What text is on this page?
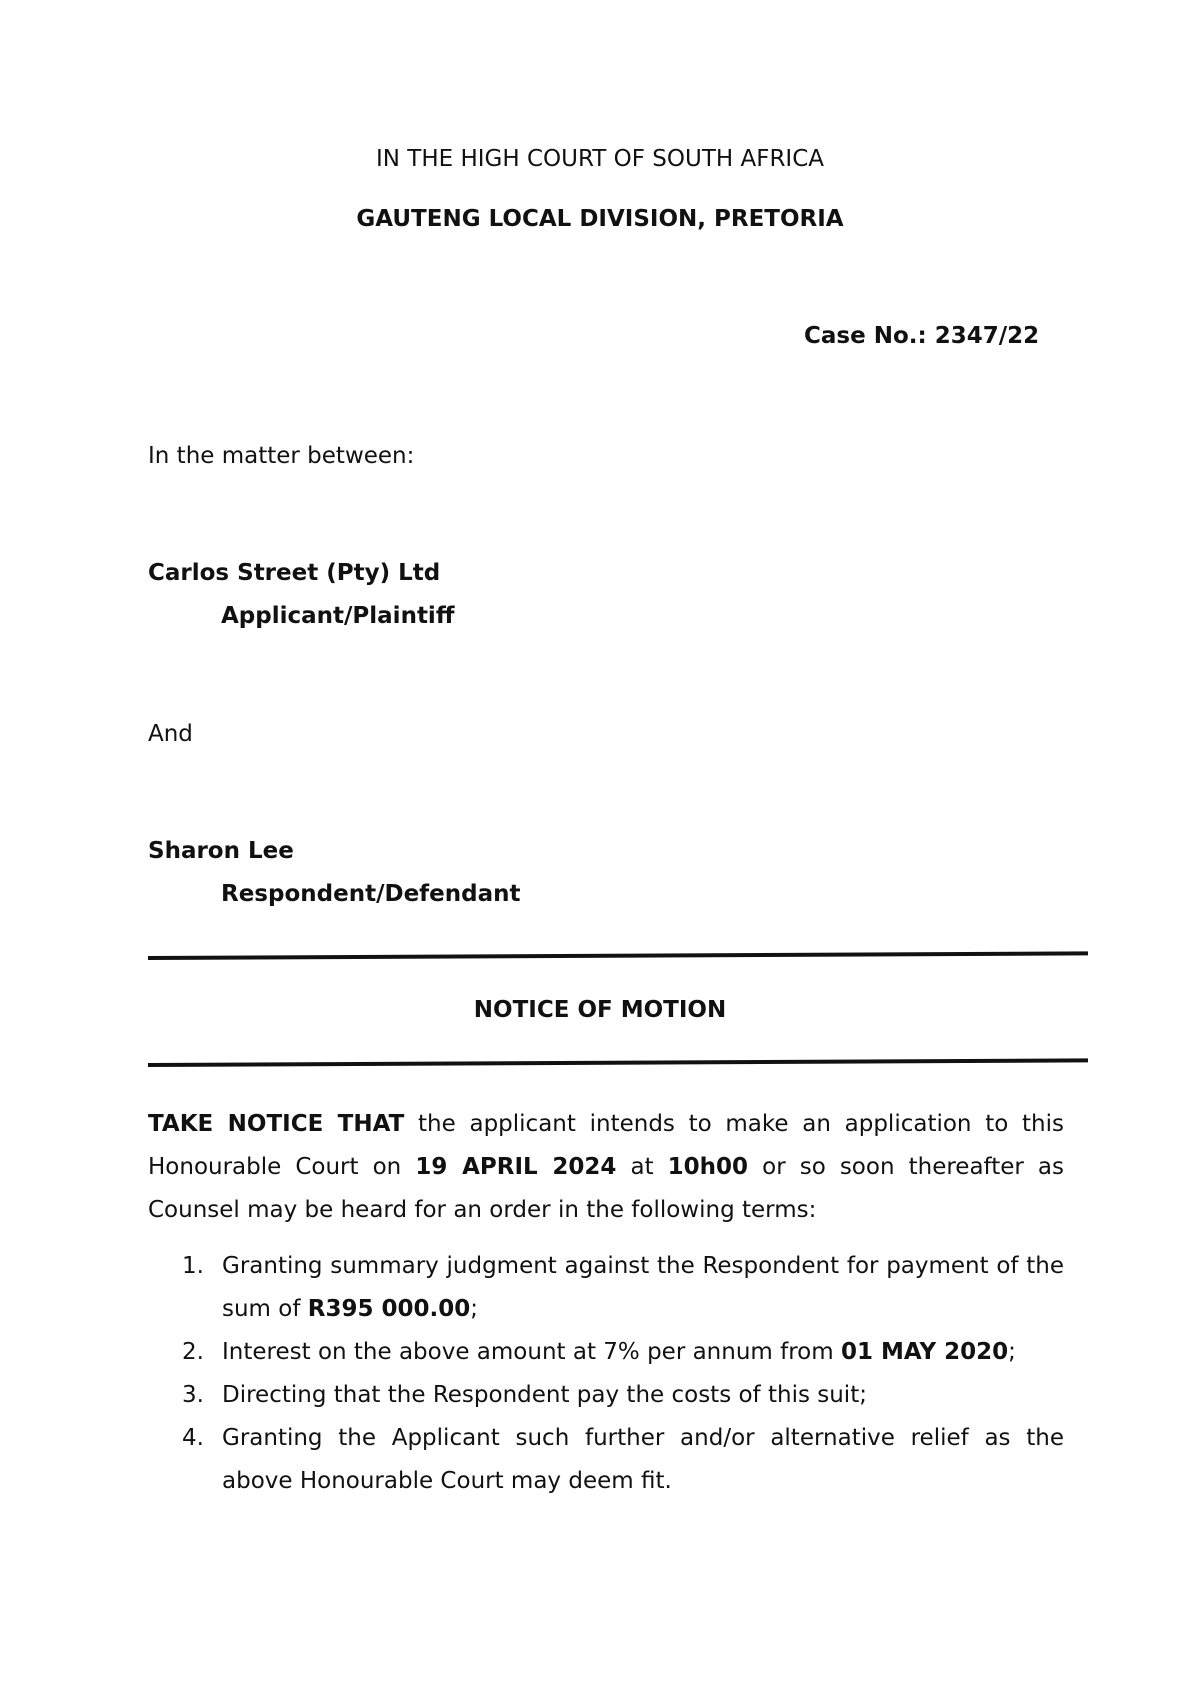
IN THE HIGH COURT OF SOUTH AFRICA
GAUTENG LOCAL DIVISION, PRETORIA
Case No.: 2347/22
In the matter between:
Carlos Street (Pty) Ltd
Applicant/Plaintiff
And
Sharon Lee
Respondent/Defendant
NOTICE OF MOTION
TAKE NOTICE THAT the applicant intends to make an application to this Honourable Court on 19 APRIL 2024 at 10h00 or so soon thereafter as Counsel may be heard for an order in the following terms:
1. Granting summary judgment against the Respondent for payment of the sum of R395 000.00;
2. Interest on the above amount at 7% per annum from 01 MAY 2020;
3. Directing that the Respondent pay the costs of this suit;
4. Granting the Applicant such further and/or alternative relief as the above Honourable Court may deem fit.
